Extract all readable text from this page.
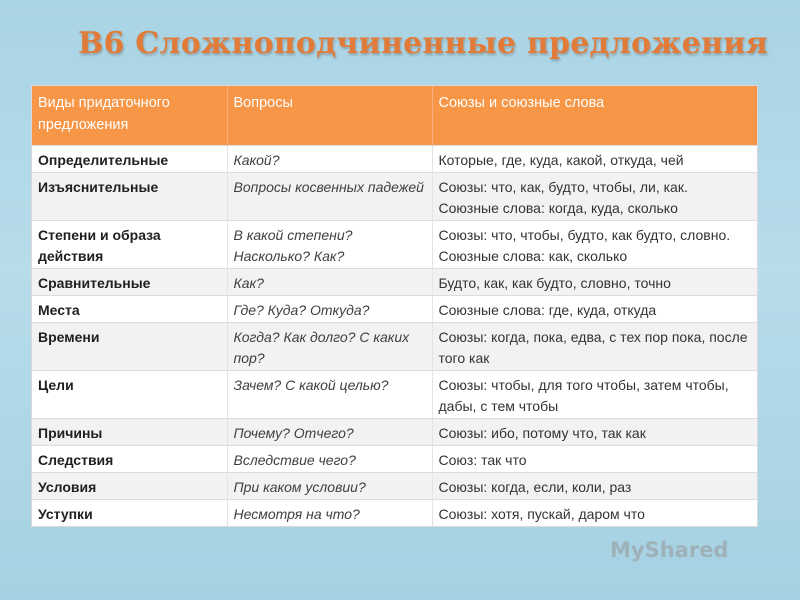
В6 Сложноподчиненные предложения
Виды придаточного предложения	Вопросы	Союзы и союзные слова
Определительные	Какой?	Которые, где, куда, какой, откуда, чей
Изъяснительные	Вопросы косвенных падежей	Союзы: что, как, будто, чтобы, ли, как. Союзные слова: когда, куда, сколько
Степени и образа действия	В какой степени? Насколько? Как?	Союзы: что, чтобы, будто, как будто, словно. Союзные слова: как, сколько
Сравнительные	Как?	Будто, как, как будто, словно, точно
Места	Где? Куда? Откуда?	Союзные слова: где, куда, откуда
Времени	Когда? Как долго? С каких пор?	Союзы: когда, пока, едва, с тех пор пока, после того как
Цели	Зачем? С какой целью?	Союзы: чтобы, для того чтобы, затем чтобы, дабы, с тем чтобы
Причины	Почему? Отчего?	Союзы: ибо, потому что, так как
Следствия	Вследствие чего?	Союз: так что
Условия	При каком условии?	Союзы: когда, если, коли, раз
Уступки	Несмотря на что?	Союзы: хотя, пускай, даром что
MyShared
